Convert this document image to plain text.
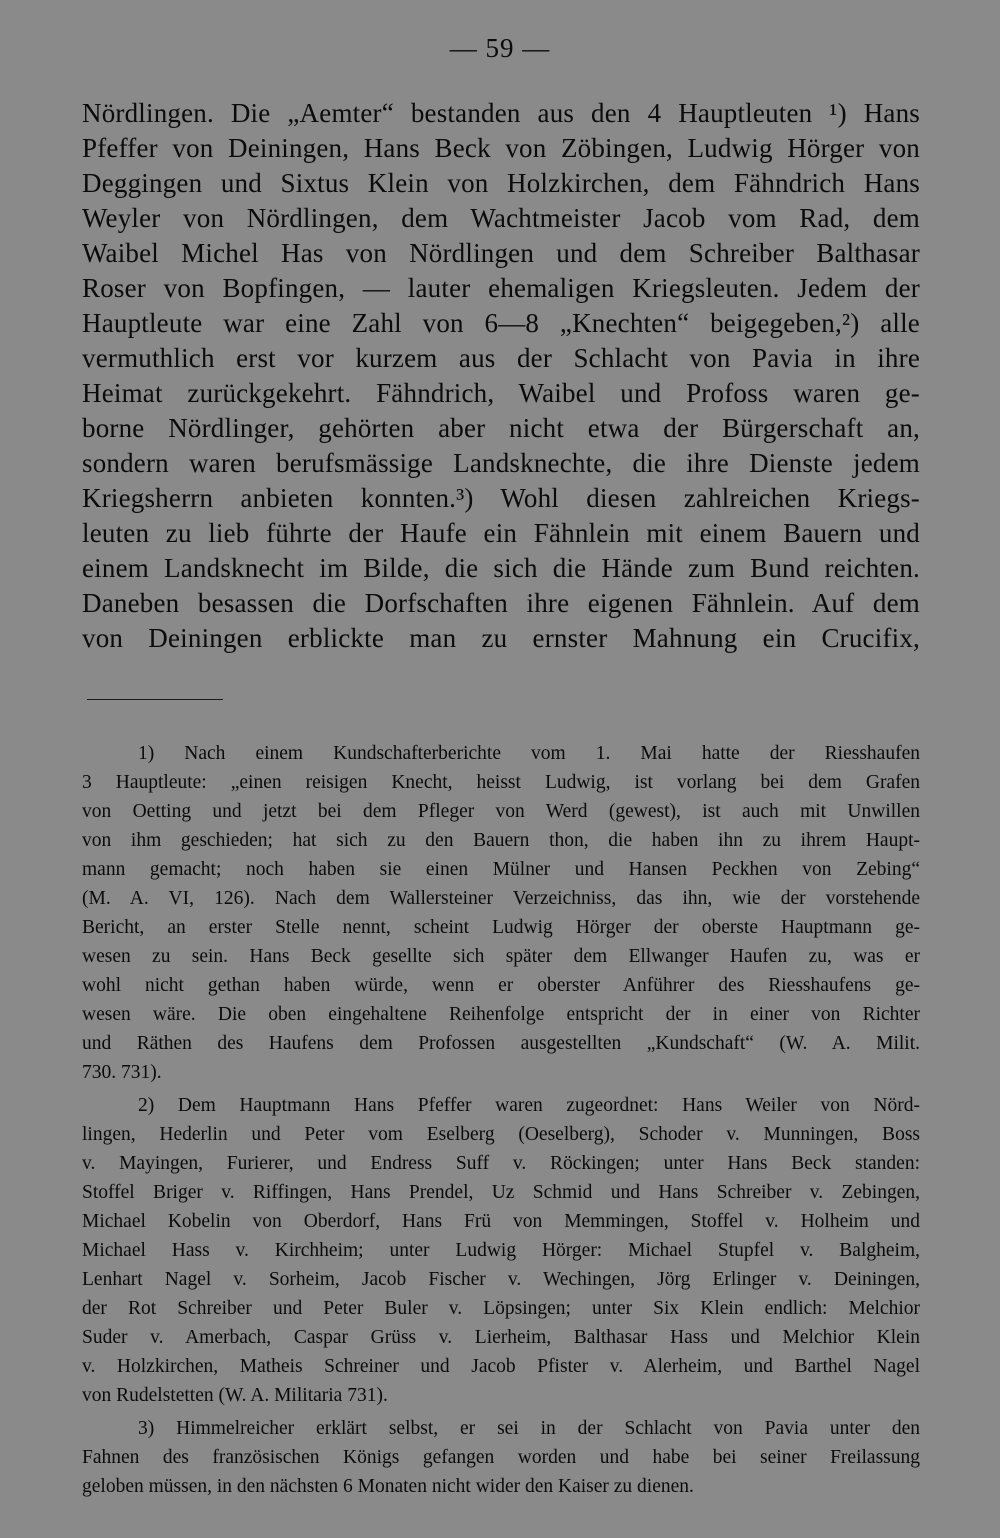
— 59 —
Nördlingen. Die „Aemter“ bestanden aus den 4 Hauptleuten ¹) Hans
Pfeffer von Deiningen, Hans Beck von Zöbingen, Ludwig Hörger von
Deggingen und Sixtus Klein von Holzkirchen, dem Fähndrich Hans
Weyler von Nördlingen, dem Wachtmeister Jacob vom Rad, dem
Waibel Michel Has von Nördlingen und dem Schreiber Balthasar
Roser von Bopfingen, — lauter ehemaligen Kriegsleuten. Jedem der
Hauptleute war eine Zahl von 6—8 „Knechten“ beigegeben,²) alle
vermuthlich erst vor kurzem aus der Schlacht von Pavia in ihre
Heimat zurückgekehrt. Fähndrich, Waibel und Profoss waren ge-
borne Nördlinger, gehörten aber nicht etwa der Bürgerschaft an,
sondern waren berufsmässige Landsknechte, die ihre Dienste jedem
Kriegsherrn anbieten konnten.³) Wohl diesen zahlreichen Kriegs-
leuten zu lieb führte der Haufe ein Fähnlein mit einem Bauern und
einem Landsknecht im Bilde, die sich die Hände zum Bund reichten.
Daneben besassen die Dorfschaften ihre eigenen Fähnlein. Auf dem
von Deiningen erblickte man zu ernster Mahnung ein Crucifix,
1) Nach einem Kundschafterberichte vom 1. Mai hatte der Riesshaufen
3 Hauptleute: „einen reisigen Knecht, heisst Ludwig, ist vorlang bei dem Grafen
von Oetting und jetzt bei dem Pfleger von Werd (gewest), ist auch mit Unwillen
von ihm geschieden; hat sich zu den Bauern thon, die haben ihn zu ihrem Haupt-
mann gemacht; noch haben sie einen Mülner und Hansen Peckhen von Zebing“
(M. A. VI, 126). Nach dem Wallersteiner Verzeichniss, das ihn, wie der vorstehende
Bericht, an erster Stelle nennt, scheint Ludwig Hörger der oberste Hauptmann ge-
wesen zu sein. Hans Beck gesellte sich später dem Ellwanger Haufen zu, was er
wohl nicht gethan haben würde, wenn er oberster Anführer des Riesshaufens ge-
wesen wäre. Die oben eingehaltene Reihenfolge entspricht der in einer von Richter
und Räthen des Haufens dem Profossen ausgestellten „Kundschaft“ (W. A. Milit.
730. 731).
2) Dem Hauptmann Hans Pfeffer waren zugeordnet: Hans Weiler von Nörd-
lingen, Hederlin und Peter vom Eselberg (Oeselberg), Schoder v. Munningen, Boss
v. Mayingen, Furierer, und Endress Suff v. Röckingen; unter Hans Beck standen:
Stoffel Briger v. Riffingen, Hans Prendel, Uz Schmid und Hans Schreiber v. Zebingen,
Michael Kobelin von Oberdorf, Hans Frü von Memmingen, Stoffel v. Holheim und
Michael Hass v. Kirchheim; unter Ludwig Hörger: Michael Stupfel v. Balgheim,
Lenhart Nagel v. Sorheim, Jacob Fischer v. Wechingen, Jörg Erlinger v. Deiningen,
der Rot Schreiber und Peter Buler v. Löpsingen; unter Six Klein endlich: Melchior
Suder v. Amerbach, Caspar Grüss v. Lierheim, Balthasar Hass und Melchior Klein
v. Holzkirchen, Matheis Schreiner und Jacob Pfister v. Alerheim, und Barthel Nagel
von Rudelstetten (W. A. Militaria 731).
3) Himmelreicher erklärt selbst, er sei in der Schlacht von Pavia unter den
Fahnen des französischen Königs gefangen worden und habe bei seiner Freilassung
geloben müssen, in den nächsten 6 Monaten nicht wider den Kaiser zu dienen.
